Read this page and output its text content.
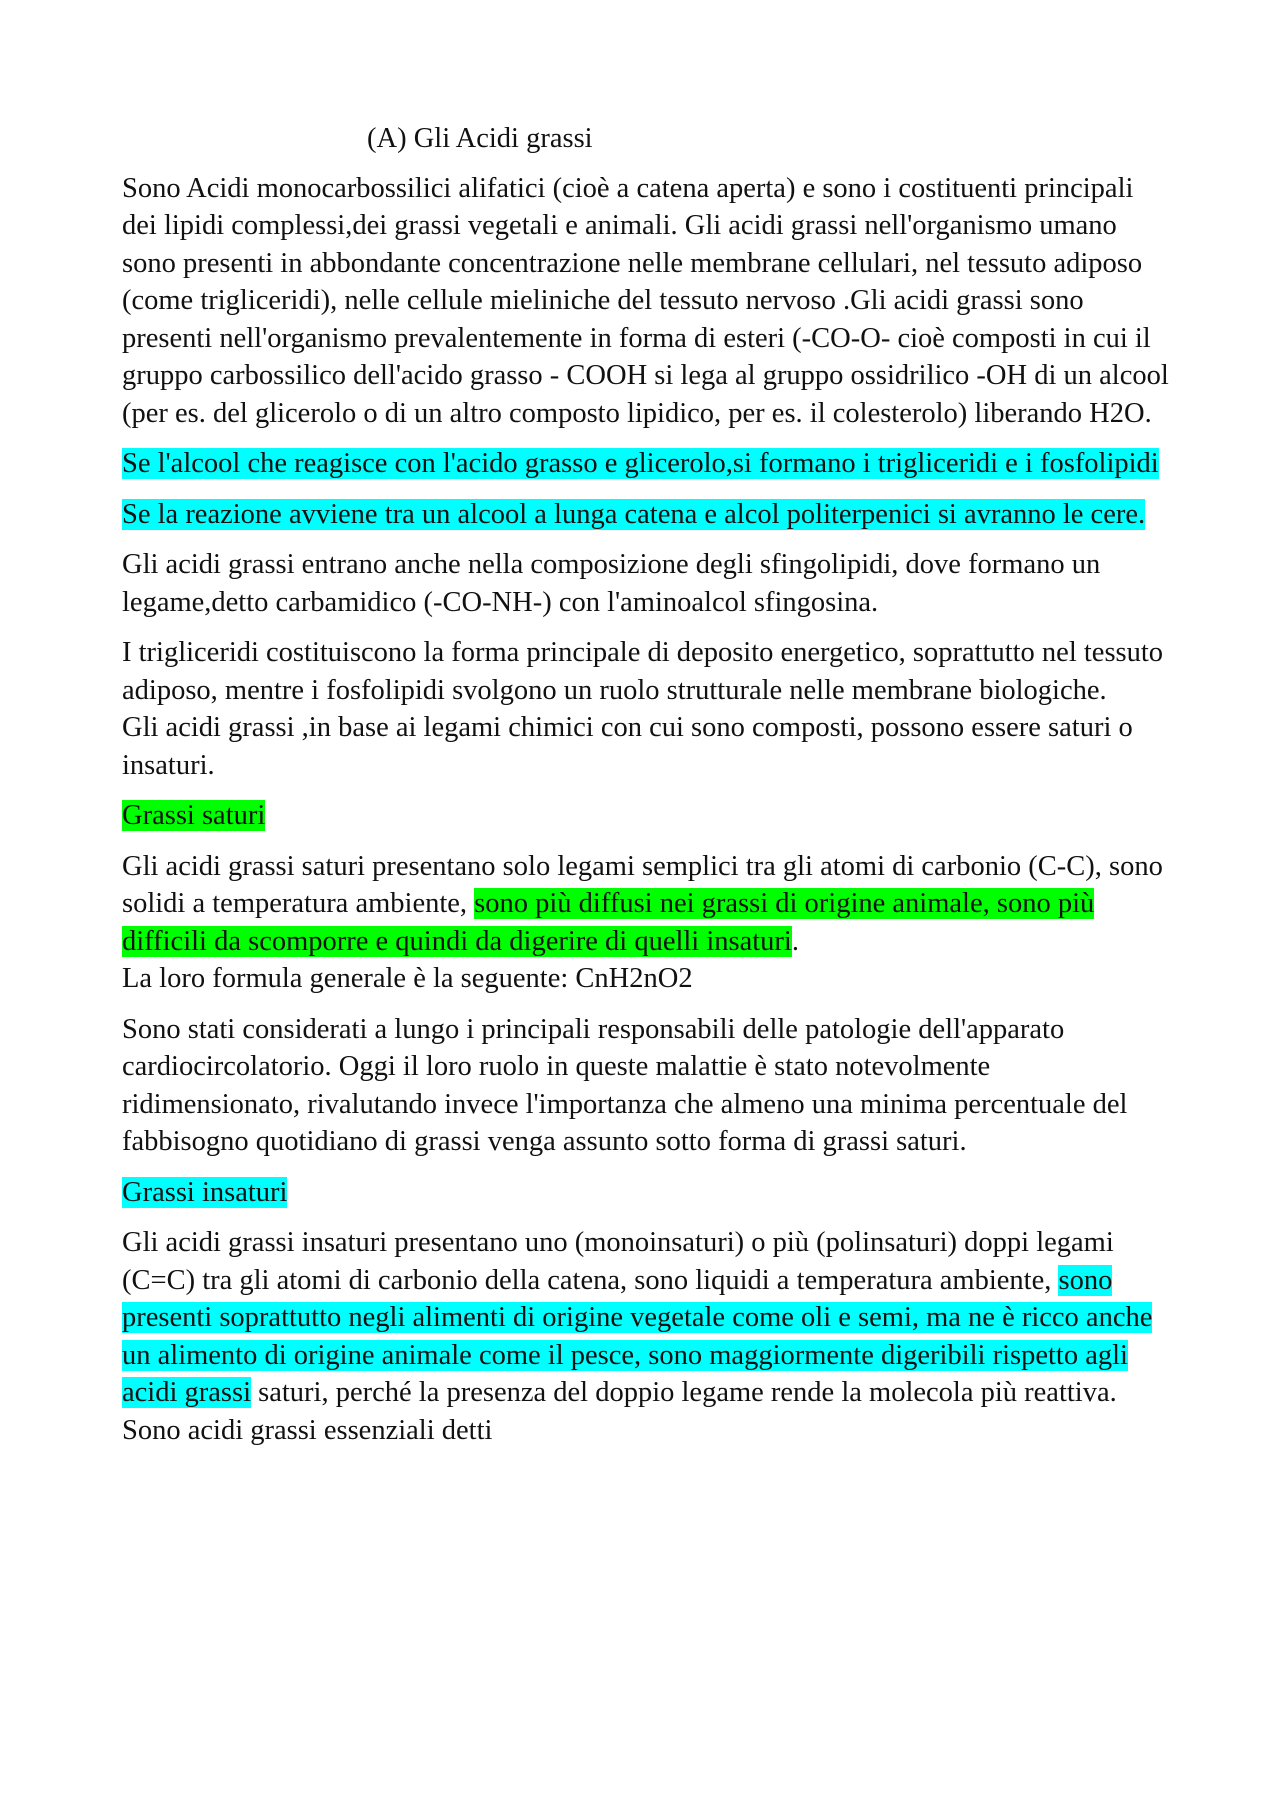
(A) Gli Acidi grassi

Sono Acidi monocarbossilici alifatici (cioè a catena aperta) e sono i costituenti principali dei lipidi complessi,dei grassi vegetali e animali. Gli acidi grassi nell'organismo umano sono presenti in abbondante concentrazione nelle membrane cellulari, nel tessuto adiposo (come trigliceridi), nelle cellule mieliniche del tessuto nervoso .Gli acidi grassi sono presenti nell'organismo prevalentemente in forma di esteri (-CO-O- cioè composti in cui il gruppo carbossilico dell'acido grasso - COOH si lega al gruppo ossidrilico -OH di un alcool (per es. del glicerolo o di un altro composto lipidico, per es. il colesterolo) liberando H2O.

Se l'alcool che reagisce con l'acido grasso e glicerolo,si formano i trigliceridi e i fosfolipidi

Se la reazione avviene tra un alcool a lunga catena e alcol politerpenici si avranno le cere.

Gli acidi grassi entrano anche nella composizione degli sfingolipidi, dove formano un legame,detto carbamidico (-CO-NH-) con l'aminoalcol sfingosina.

I trigliceridi costituiscono la forma principale di deposito energetico, soprattutto nel tessuto adiposo, mentre i fosfolipidi svolgono un ruolo strutturale nelle membrane biologiche.

Gli acidi grassi ,in base ai legami chimici con cui sono composti, possono essere saturi o insaturi.

Grassi saturi

Gli acidi grassi saturi presentano solo legami semplici tra gli atomi di carbonio (C-C), sono solidi a temperatura ambiente, sono più diffusi nei grassi di origine animale, sono più difficili da scomporre e quindi da digerire di quelli insaturi.

La loro formula generale è la seguente: CnH2nO2

Sono stati considerati a lungo i principali responsabili delle patologie dell'apparato cardiocircolatorio. Oggi il loro ruolo in queste malattie è stato notevolmente ridimensionato, rivalutando invece l'importanza che almeno una minima percentuale del fabbisogno quotidiano di grassi venga assunto sotto forma di grassi saturi.

Grassi insaturi

Gli acidi grassi insaturi presentano uno (monoinsaturi) o più (polinsaturi) doppi legami (C=C) tra gli atomi di carbonio della catena, sono liquidi a temperatura ambiente, sono presenti soprattutto negli alimenti di origine vegetale come oli e semi, ma ne è ricco anche un alimento di origine animale come il pesce, sono maggiormente digeribili rispetto agli acidi grassi saturi, perché la presenza del doppio legame rende la molecola più reattiva. Sono acidi grassi essenziali detti
